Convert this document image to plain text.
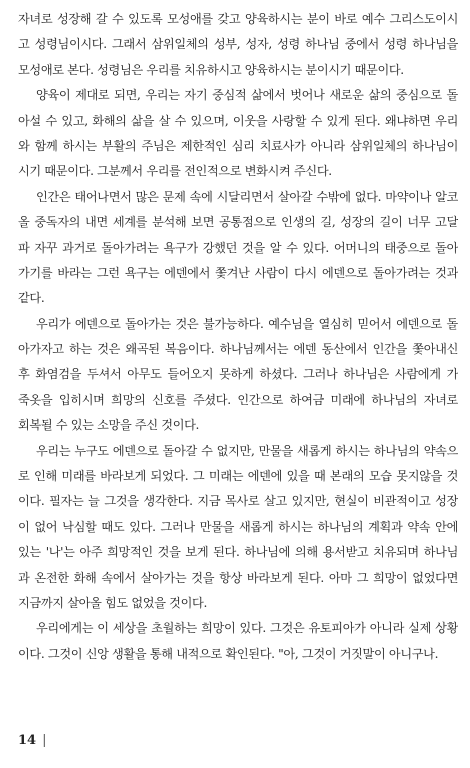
자녀로 성장해 갈 수 있도록 모성애를 갖고 양육하시는 분이 바로 예수 그리스도이시
고 성령님이시다. 그래서 삼위일체의 성부, 성자, 성령 하나님 중에서 성령 하나님을
모성애로 본다. 성령님은 우리를 치유하시고 양육하시는 분이시기 때문이다.
양육이 제대로 되면, 우리는 자기 중심적 삶에서 벗어나 새로운 삶의 중심으로 돌
아설 수 있고, 화해의 삶을 살 수 있으며, 이웃을 사랑할 수 있게 된다. 왜냐하면 우리
와 함께 하시는 부활의 주님은 제한적인 심리 치료사가 아니라 삼위일체의 하나님이
시기 때문이다. 그분께서 우리를 전인적으로 변화시켜 주신다.
인간은 태어나면서 많은 문제 속에 시달리면서 살아갈 수밖에 없다. 마약이나 알코
올 중독자의 내면 세계를 분석해 보면 공통점으로 인생의 길, 성장의 길이 너무 고달
파 자꾸 과거로 돌아가려는 욕구가 강했던 것을 알 수 있다. 어머니의 태중으로 돌아
가기를 바라는 그런 욕구는 에덴에서 쫓겨난 사람이 다시 에덴으로 돌아가려는 것과
같다.
우리가 에덴으로 돌아가는 것은 불가능하다. 예수님을 열심히 믿어서 에덴으로 돌
아가자고 하는 것은 왜곡된 복음이다. 하나님께서는 에덴 동산에서 인간을 쫓아내신
후 화염검을 두셔서 아무도 들어오지 못하게 하셨다. 그러나 하나님은 사람에게 가
죽옷을 입히시며 희망의 신호를 주셨다. 인간으로 하여금 미래에 하나님의 자녀로
회복될 수 있는 소망을 주신 것이다.
우리는 누구도 에덴으로 돌아갈 수 없지만, 만물을 새롭게 하시는 하나님의 약속으
로 인해 미래를 바라보게 되었다. 그 미래는 에덴에 있을 때 본래의 모습 못지않을 것
이다. 필자는 늘 그것을 생각한다. 지금 목사로 살고 있지만, 현실이 비관적이고 성장
이 없어 낙심할 때도 있다. 그러나 만물을 새롭게 하시는 하나님의 계획과 약속 안에
있는 '나'는 아주 희망적인 것을 보게 된다. 하나님에 의해 용서받고 치유되며 하나님
과 온전한 화해 속에서 살아가는 것을 항상 바라보게 된다. 아마 그 희망이 없었다면
지금까지 살아올 힘도 없었을 것이다.
우리에게는 이 세상을 초월하는 희망이 있다. 그것은 유토피아가 아니라 실제 상황
이다. 그것이 신앙 생활을 통해 내적으로 확인된다. "아, 그것이 거짓말이 아니구나.
14 |
